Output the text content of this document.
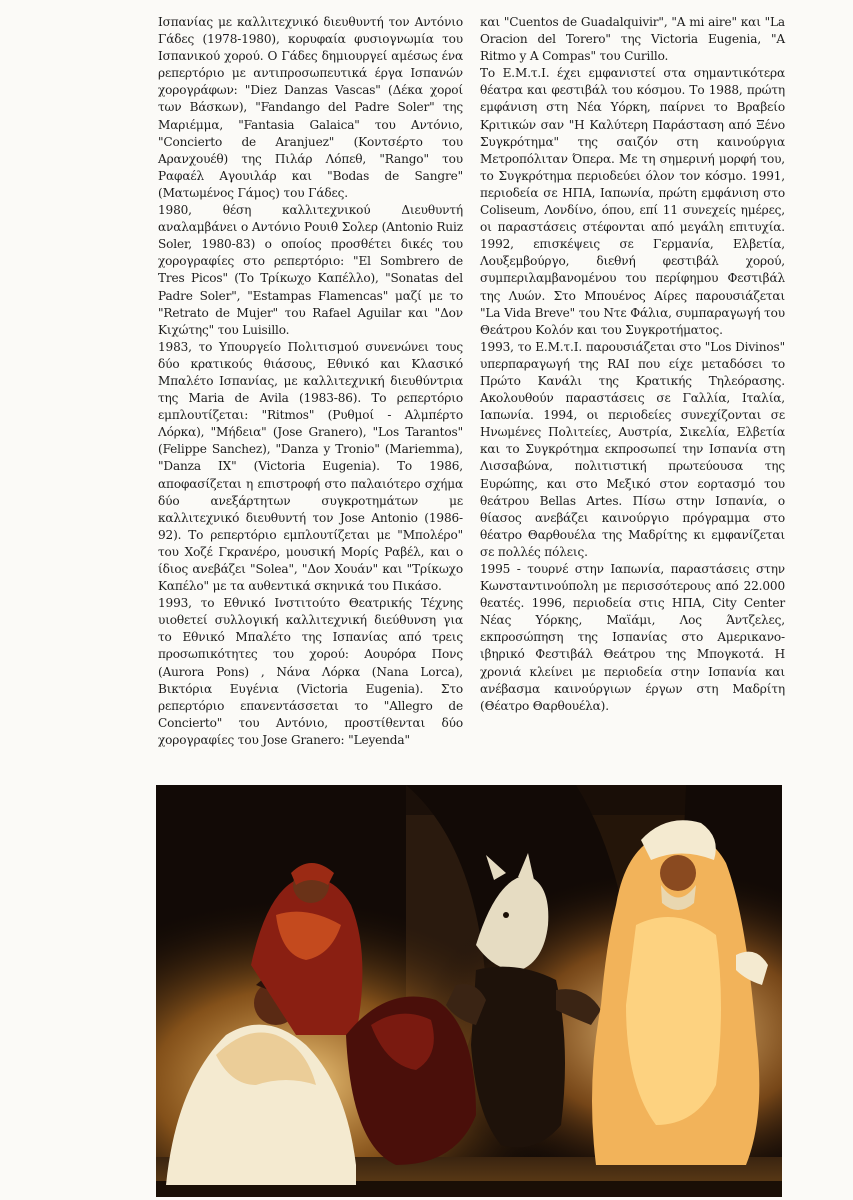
Ισπανίας με καλλιτεχνικό διευθυντή τον Αντόνιο Γάδες (1978-1980), κορυφαία φυσιογνωμία του Ισπανικού χορού. Ο Γάδες δημιουργεί αμέσως ένα ρεπερτόριο με αντιπροσωπευτικά έργα Ισπανών χορογράφων: "Diez Danzas Vascas" (Δέκα χοροί των Βάσκων), "Fandango del Padre Soler" της Μαριέμμα, "Fantasia Galaica" του Αντόνιο, "Concierto de Aranjuez" (Κοντσέρτο του Αρανχουέθ) της Πιλάρ Λόπεθ, "Rango" του Ραφαέλ Αγουιλάρ και "Bodas de Sangre" (Ματωμένος Γάμος) του Γάδες.

1980, θέση καλλιτεχνικού Διευθυντή αναλαμβάνει ο Αντόνιο Ρουιθ Σολερ (Antonio Ruiz Soler, 1980-83) ο οποίος προσθέτει δικές του χορογραφίες στο ρεπερτόριο: "El Sombrero de Tres Picos" (Το Τρίκωχο Καπέλλο), "Sonatas del Padre Soler", "Estampas Flamencas" μαζί με το "Retrato de Mujer" του Rafael Aguilar και "Δον Κιχώτης" του Luisillo.

1983, το Υπουργείο Πολιτισμού συνενώνει τους δύο κρατικούς θιάσους, Εθνικό και Κλασικό Μπαλέτο Ισπανίας, με καλλιτεχνική διευθύντρια της Maria de Avila (1983-86). Το ρεπερτόριο εμπλουτίζεται: "Ritmos" (Ρυθμοί - Αλμπέρτο Λόρκα), "Μήδεια" (Jose Granero), "Los Tarantos" (Felippe Sanchez), "Danza y Tronio" (Mariemma), "Danza IX" (Victoria Eugenia). Το 1986, αποφασίζεται η επιστροφή στο παλαιότερο σχήμα δύο ανεξάρτητων συγκροτημάτων με καλλιτεχνικό διευθυντή τον Jose Antonio (1986-92). Το ρεπερτόριο εμπλουτίζεται με "Μπολέρο" του Χοζέ Γκρανέρο, μουσική Μορίς Ραβέλ, και ο ίδιος ανεβάζει "Solea", "Δον Χουάν" και "Τρίκωχο Καπέλο" με τα αυθεντικά σκηνικά του Πικάσο.

1993, το Εθνικό Ινστιτούτο Θεατρικής Τέχνης υιοθετεί συλλογική καλλιτεχνική διεύθυνση για το Εθνικό Μπαλέτο της Ισπανίας από τρεις προσωπικότητες του χορού: Αουρόρα Πονς (Aurora Pons) , Νάνα Λόρκα (Nana Lorca), Βικτόρια Ευγένια (Victoria Eugenia). Στο ρεπερτόριο επανεντάσσεται το "Allegro de Concierto" του Αντόνιο, προστίθενται δύο χορογραφίες του Jose Granero: "Leyenda"

και "Cuentos de Guadalquivir", "A mi aire" και "La Oracion del Torero" της Victoria Eugenia, "A Ritmo y A Compas" του Curillo.

Το Ε.Μ.τ.Ι. έχει εμφανιστεί στα σημαντικότερα θέατρα και φεστιβάλ του κόσμου. Το 1988, πρώτη εμφάνιση στη Νέα Υόρκη, παίρνει το Βραβείο Κριτικών σαν "Η Καλύτερη Παράσταση από Ξένο Συγκρότημα" της σαιζόν στη καινούργια Μετροπόλιταν Όπερα. Με τη σημερινή μορφή του, το Συγκρότημα περιοδεύει όλον τον κόσμο. 1991, περιοδεία σε ΗΠΑ, Ιαπωνία, πρώτη εμφάνιση στο Coliseum, Λονδίνο, όπου, επί 11 συνεχείς ημέρες, οι παραστάσεις στέφονται από μεγάλη επιτυχία. 1992, επισκέψεις σε Γερμανία, Ελβετία, Λουξεμβούργο, διεθνή φεστιβάλ χορού, συμπεριλαμβανομένου του περίφημου Φεστιβάλ της Λυών. Στο Μπουένος Αίρες παρουσιάζεται "La Vida Breve" του Ντε Φάλια, συμπαραγωγή του Θεάτρου Κολόν και του Συγκροτήματος.

1993, το Ε.Μ.τ.Ι. παρουσιάζεται στο "Los Divinos" υπερπαραγωγή της RAI που είχε μεταδόσει το Πρώτο Κανάλι της Κρατικής Τηλεόρασης. Ακολουθούν παραστάσεις σε Γαλλία, Ιταλία, Ιαπωνία. 1994, οι περιοδείες συνεχίζονται σε Ηνωμένες Πολιτείες, Αυστρία, Σικελία, Ελβετία και το Συγκρότημα εκπροσωπεί την Ισπανία στη Λισσαβώνα, πολιτιστική πρωτεύουσα της Ευρώπης, και στο Μεξικό στον εορτασμό του θεάτρου Bellas Artes. Πίσω στην Ισπανία, ο θίασος ανεβάζει καινούργιο πρόγραμμα στο θέατρο Θαρθουέλα της Μαδρίτης κι εμφανίζεται σε πολλές πόλεις.

1995 - τουρνέ στην Ιαπωνία, παραστάσεις στην Κωνσταντινούπολη με περισσότερους από 22.000 θεατές. 1996, περιοδεία στις ΗΠΑ, City Center Νέας Υόρκης, Μαϊάμι, Λος Άντζελες, εκπροσώπηση της Ισπανίας στο Αμερικανο-ιβηρικό Φεστιβάλ Θεάτρου της Μπογκοτά. Η χρονιά κλείνει με περιοδεία στην Ισπανία και ανέβασμα καινούργιων έργων στη Μαδρίτη (Θέατρο Θαρθουέλα).
